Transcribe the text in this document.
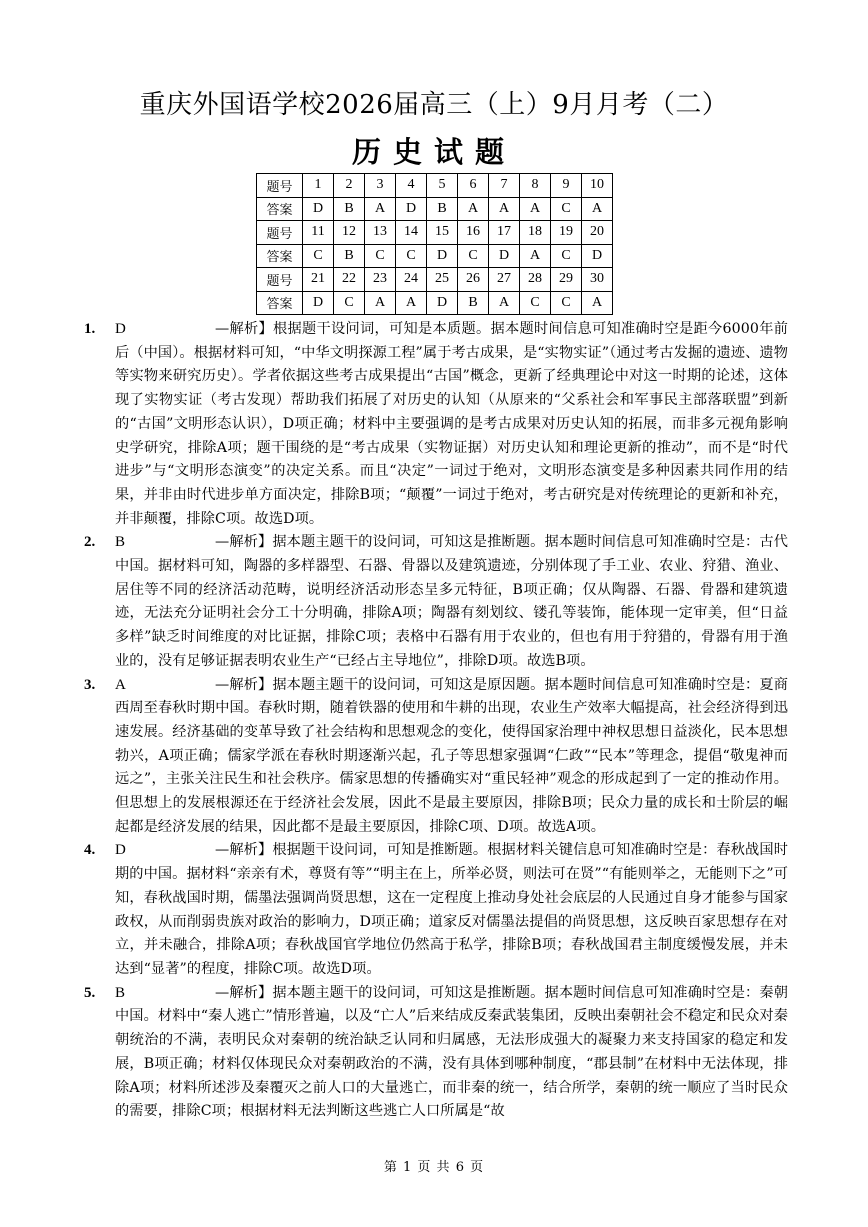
重庆外国语学校2026届高三（上）9月月考（二）
历史试题
题号	1	2	3	4	5	6	7	8	9	10
答案	D	B	A	D	B	A	A	A	C	A
题号	11	12	13	14	15	16	17	18	19	20
答案	C	B	C	C	D	C	D	A	C	D
题号	21	22	23	24	25	26	27	28	29	30
答案	D	C	A	A	D	B	A	C	C	A
1. D	—解析】根据题干设问词，可知是本质题。据本题时间信息可知准确时空是距今6000年前后（中国）。根据材料可知，“中华文明探源工程”属于考古成果，是“实物实证”（通过考古发掘的遗迹、遗物等实物来研究历史）。学者依据这些考古成果提出“古国”概念，更新了经典理论中对这一时期的论述，这体现了实物实证（考古发现）帮助我们拓展了对历史的认知（从原来的“父系社会和军事民主部落联盟”到新的“古国”文明形态认识），D项正确；材料中主要强调的是考古成果对历史认知的拓展，而非多元视角影响史学研究，排除A项；题干围绕的是“考古成果（实物证据）对历史认知和理论更新的推动”，而不是“时代进步”与“文明形态演变”的决定关系。而且“决定”一词过于绝对，文明形态演变是多种因素共同作用的结果，并非由时代进步单方面决定，排除B项；“颠覆”一词过于绝对，考古研究是对传统理论的更新和补充，并非颠覆，排除C项。故选D项。

2. B	—解析】据本题主题干的设问词，可知这是推断题。据本题时间信息可知准确时空是：古代中国。据材料可知，陶器的多样器型、石器、骨器以及建筑遗迹，分别体现了手工业、农业、狩猎、渔业、居住等不同的经济活动范畴，说明经济活动形态呈多元特征，B项正确；仅从陶器、石器、骨器和建筑遗迹，无法充分证明社会分工十分明确，排除A项；陶器有刻划纹、镂孔等装饰，能体现一定审美，但“日益多样”缺乏时间维度的对比证据，排除C项；表格中石器有用于农业的，但也有用于狩猎的，骨器有用于渔业的，没有足够证据表明农业生产“已经占主导地位”，排除D项。故选B项。

3. A	—解析】据本题主题干的设问词，可知这是原因题。据本题时间信息可知准确时空是：夏商西周至春秋时期中国。春秋时期，随着铁器的使用和牛耕的出现，农业生产效率大幅提高，社会经济得到迅速发展。经济基础的变革导致了社会结构和思想观念的变化，使得国家治理中神权思想日益淡化，民本思想勃兴，A项正确；儒家学派在春秋时期逐渐兴起，孔子等思想家强调“仁政”“民本”等理念，提倡“敬鬼神而远之”，主张关注民生和社会秩序。儒家思想的传播确实对“重民轻神”观念的形成起到了一定的推动作用。但思想上的发展根源还在于经济社会发展，因此不是最主要原因，排除B项；民众力量的成长和士阶层的崛起都是经济发展的结果，因此都不是最主要原因，排除C项、D项。故选A项。

4. D	—解析】根据题干设问词，可知是推断题。根据材料关键信息可知准确时空是：春秋战国时期的中国。据材料“亲亲有术，尊贤有等”“明主在上，所举必贤，则法可在贤”“有能则举之，无能则下之”可知，春秋战国时期，儒墨法强调尚贤思想，这在一定程度上推动身处社会底层的人民通过自身才能参与国家政权，从而削弱贵族对政治的影响力，D项正确；道家反对儒墨法提倡的尚贤思想，这反映百家思想存在对立，并未融合，排除A项；春秋战国官学地位仍然高于私学，排除B项；春秋战国君主制度缓慢发展，并未达到“显著”的程度，排除C项。故选D项。

5. B	—解析】据本题主题干的设问词，可知这是推断题。据本题时间信息可知准确时空是：秦朝中国。材料中“秦人逃亡”情形普遍，以及“亡人”后来结成反秦武装集团，反映出秦朝社会不稳定和民众对秦朝统治的不满，表明民众对秦朝的统治缺乏认同和归属感，无法形成强大的凝聚力来支持国家的稳定和发展，B项正确；材料仅体现民众对秦朝政治的不满，没有具体到哪种制度，“郡县制”在材料中无法体现，排除A项；材料所述涉及秦覆灭之前人口的大量逃亡，而非秦的统一，结合所学，秦朝的统一顺应了当时民众的需要，排除C项；根据材料无法判断这些逃亡人口所属是“故

第 1 页 共 6 页
